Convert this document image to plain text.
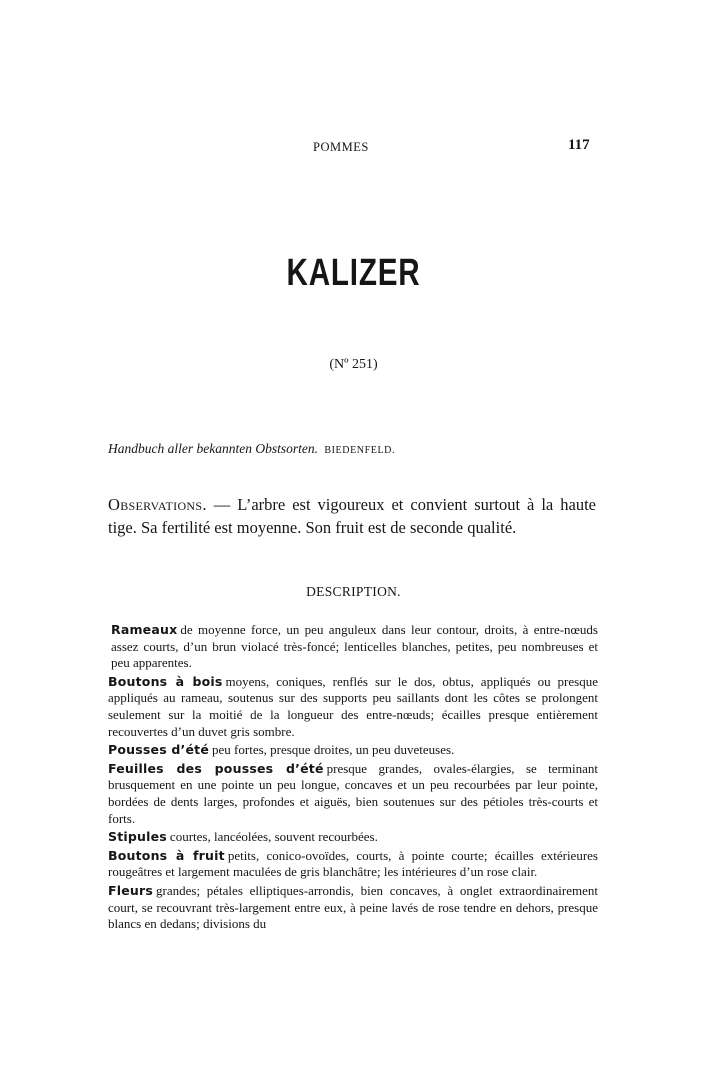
POMMES	117
KALIZER
(Nº 251)
Handbuch aller bekannten Obstsorten. BIEDENFELD.
Observations. — L’arbre est vigoureux et convient surtout à la haute tige. Sa fertilité est moyenne. Son fruit est de seconde qualité.
DESCRIPTION.

Rameaux de moyenne force, un peu anguleux dans leur contour, droits, à entre-nœuds assez courts, d’un brun violacé très-foncé; lenticelles blanches, petites, peu nombreuses et peu apparentes.

Boutons à bois moyens, coniques, renflés sur le dos, obtus, appliqués ou presque appliqués au rameau, soutenus sur des supports peu saillants dont les côtes se prolongent seulement sur la moitié de la longueur des entre-nœuds; écailles presque entièrement recouvertes d’un duvet gris sombre.

Pousses d’été peu fortes, presque droites, un peu duveteuses.

Feuilles des pousses d’été presque grandes, ovales-élargies, se terminant brusquement en une pointe un peu longue, concaves et un peu recourbées par leur pointe, bordées de dents larges, profondes et aiguës, bien soutenues sur des pétioles très-courts et forts.

Stipules courtes, lancéolées, souvent recourbées.

Boutons à fruit petits, conico-ovoïdes, courts, à pointe courte; écailles extérieures rougeâtres et largement maculées de gris blanchâtre; les intérieures d’un rose clair.

Fleurs grandes; pétales elliptiques-arrondis, bien concaves, à onglet extraordinairement court, se recouvrant très-largement entre eux, à peine lavés de rose tendre en dehors, presque blancs en dedans; divisions du
